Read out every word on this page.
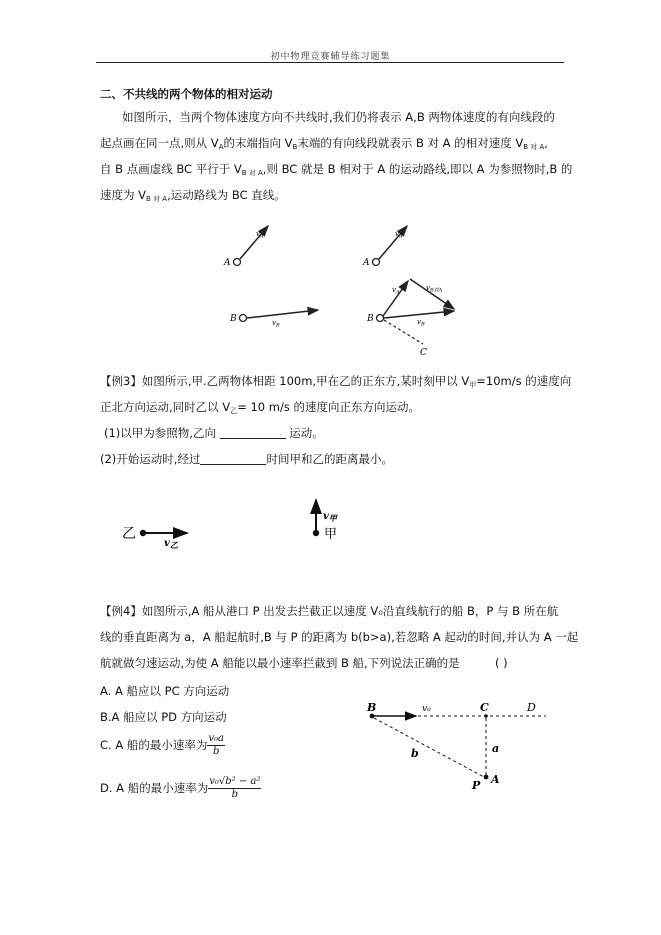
初中物理竞赛辅导练习题集
二、不共线的两个物体的相对运动
如图所示，当两个物体速度方向不共线时,我们仍将表示 A,B 两物体速度的有向线段的
起点画在同一点,则从 $V_A$的末端指向 $V_B$末端的有向线段就表示 B 对 A 的相对速度 $V_{B 对 A}$,
自 B 点画虚线 BC 平行于 $V_{B 对 A}$,则 BC 就是 B 相对于 A 的运动路线,即以 A 为参照物时,B 的
速度为 $V_{B 对 A}$,运动路线为 BC 直线。
A
$v_A$
B	$v_B$
A
$v_A$
B
$v_A$
$v_{B对A}$
$v_B$
C
【例3】如图所示,甲.乙两物体相距 100m,甲在乙的正东方,某时刻甲以 $V_甲=10m/s$ 的速度向
正北方向运动,同时乙以 $V_乙= 10$ m/s 的速度向正东方向运动。
(1)以甲为参照物,乙向	运动。
(2)开始运动时,经过	时间甲和乙的距离最小。
乙
$v_乙$
甲
$v_甲$
【例4】如图所示,A 船从港口 P 出发去拦截正以速度 V₀沿直线航行的船 B，P 与 B 所在航
线的垂直距离为 a，A 船起航时,B 与 P 的距离为 b(b>a),若忽略 A 起动的时间,并认为 A 一起
航就做匀速运动,为使 A 船能以最小速率拦截到 B 船,下列说法正确的是	( )
A. A 船应以 PC 方向运动
B.A 船应以 PD 方向运动
C. A 船的最小速率为 $\frac{\text{v₀a}}{b}$
D. A 船的最小速率为 $\frac{\text{v₀√b² − a²}}{b}$
B	v₀	C	D
a
b
P A
